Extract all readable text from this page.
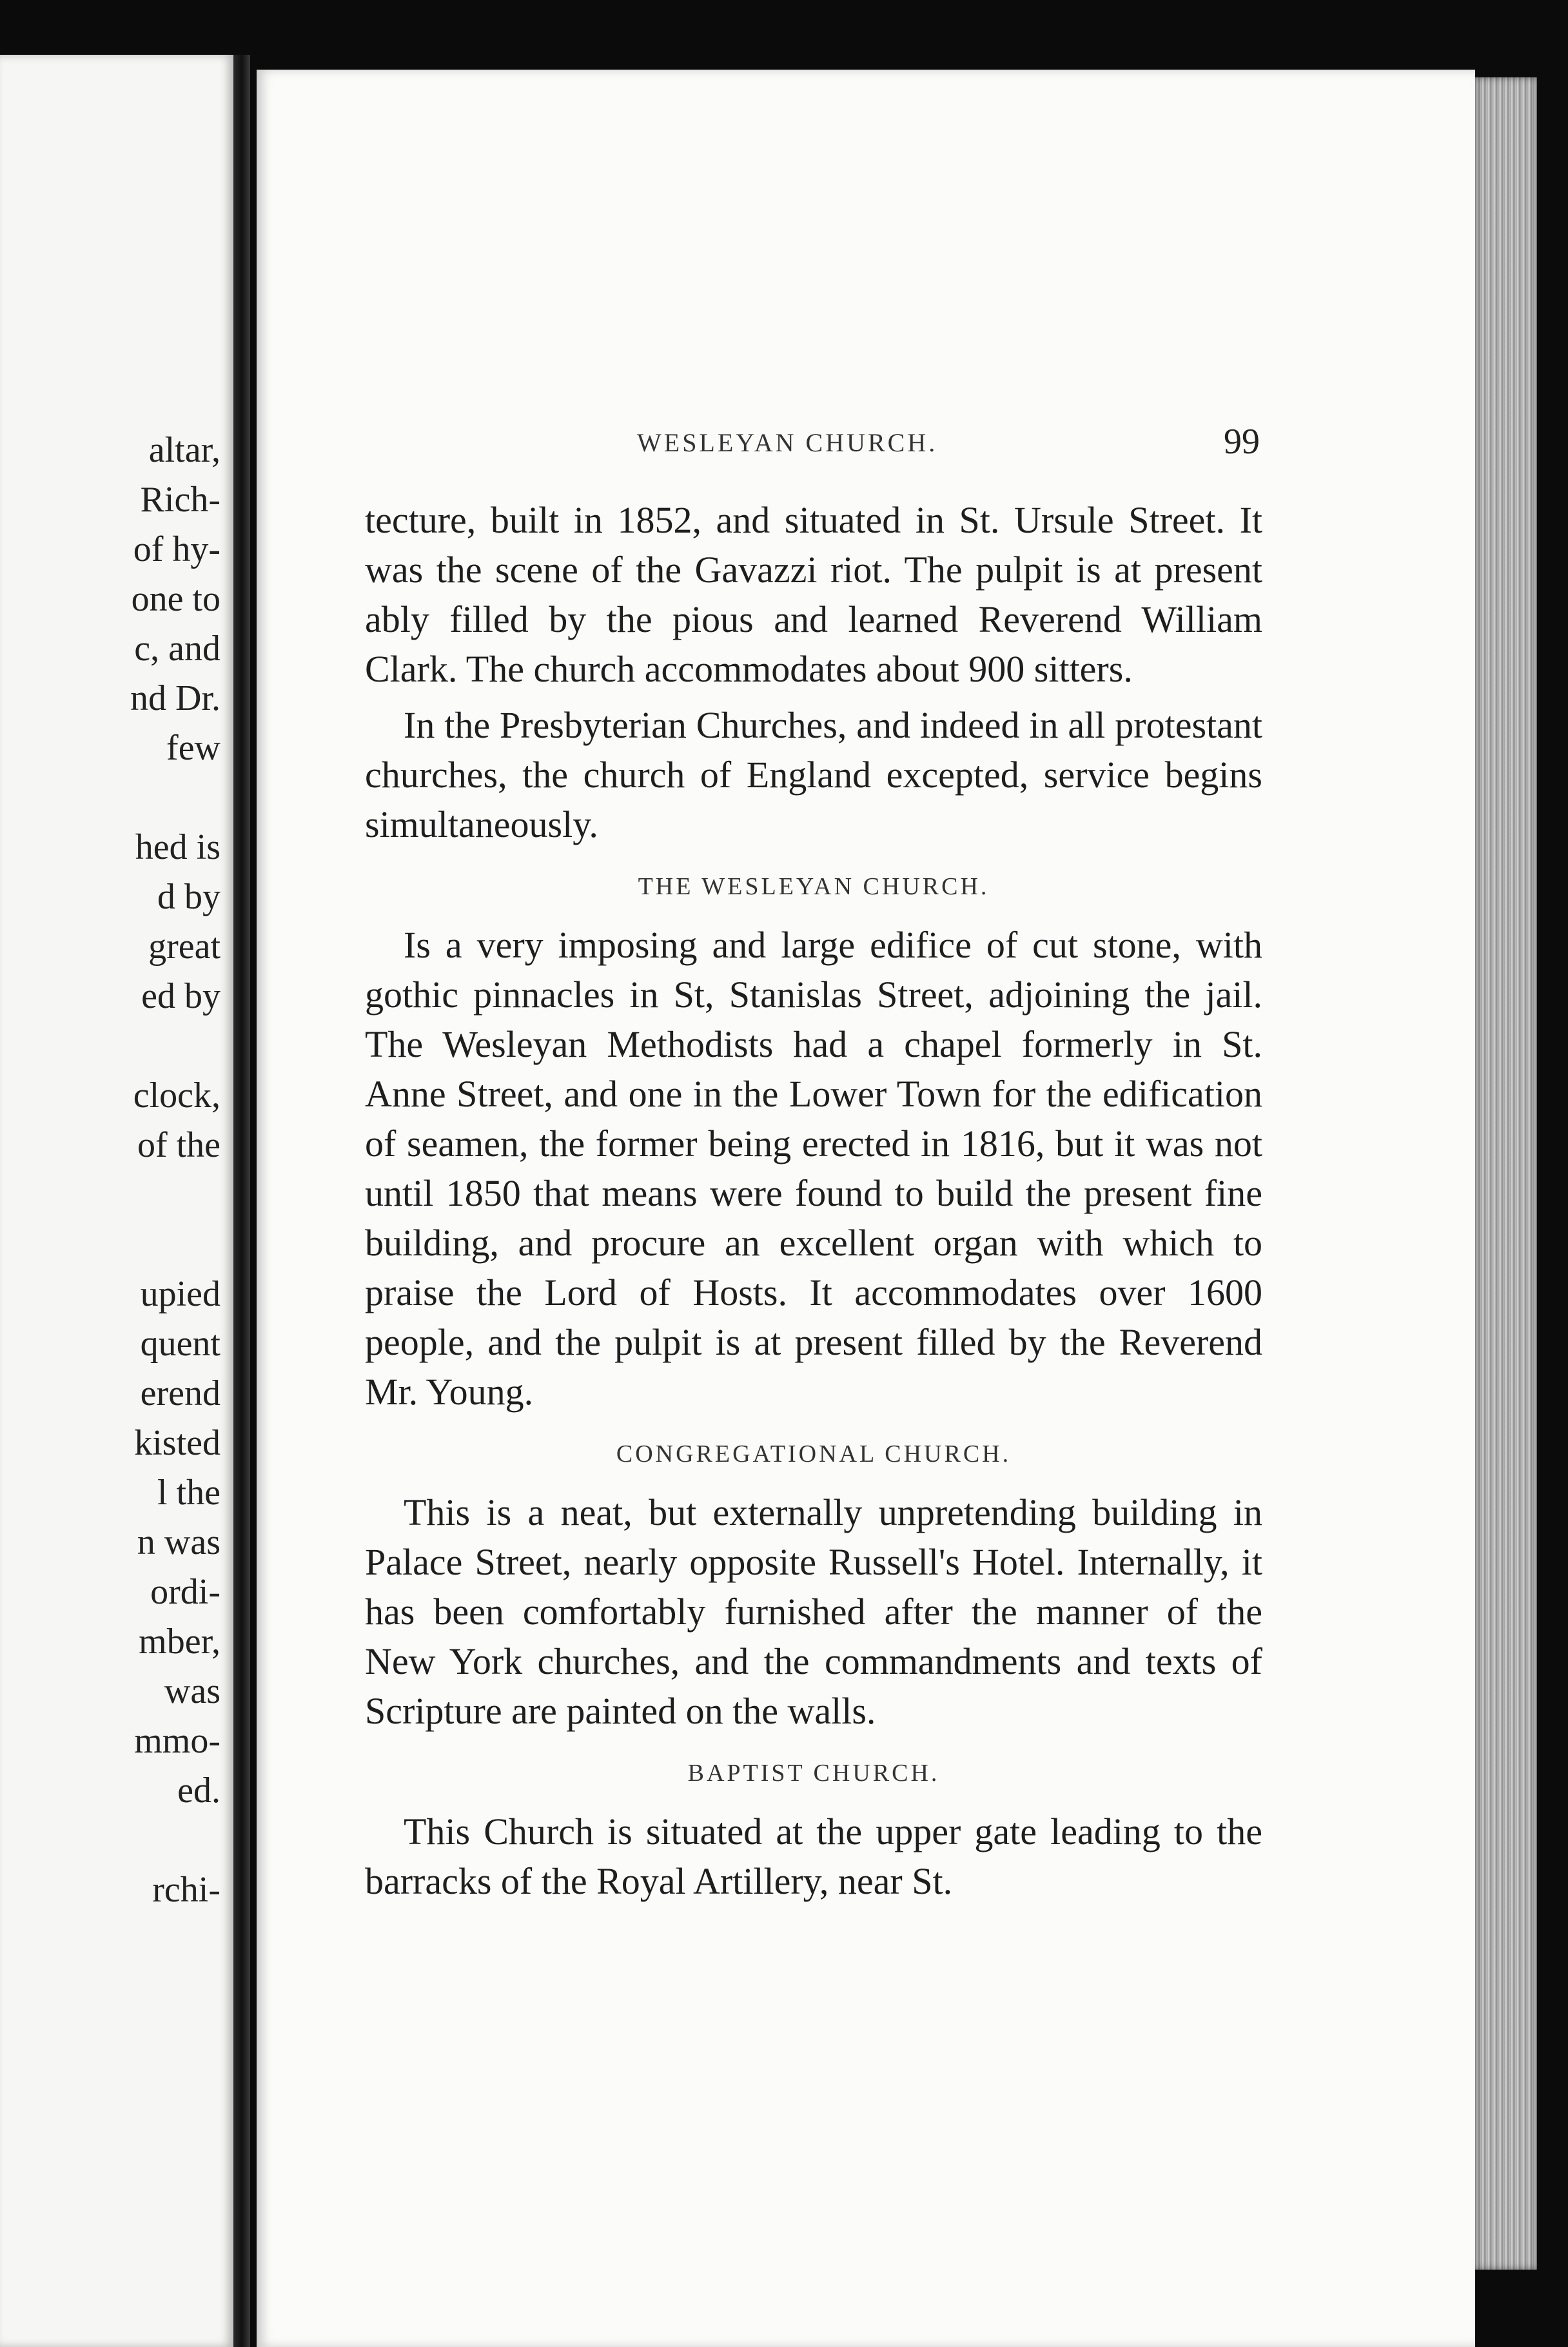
altar,
Rich-
of hy-
one to
c, and
nd Dr.
few

hed is
d by
great
ed by

clock,
of the

upied
quent
erend
kisted
l the
n was
ordi-
mber,
was
mmo-
ed.

rchi-
WESLEYAN CHURCH.	99

tecture, built in 1852, and situated in St. Ursule Street. It was the scene of the Gavazzi riot. The pulpit is at present ably filled by the pious and learned Reverend William Clark. The church accommodates about 900 sitters.

In the Presbyterian Churches, and indeed in all protestant churches, the church of England excepted, service begins simultaneously.

THE WESLEYAN CHURCH.

Is a very imposing and large edifice of cut stone, with gothic pinnacles in St, Stanislas Street, adjoining the jail. The Wesleyan Methodists had a chapel formerly in St. Anne Street, and one in the Lower Town for the edification of seamen, the former being erected in 1816, but it was not until 1850 that means were found to build the present fine building, and procure an excellent organ with which to praise the Lord of Hosts. It accommodates over 1600 people, and the pulpit is at present filled by the Reverend Mr. Young.

CONGREGATIONAL CHURCH.

This is a neat, but externally unpretending building in Palace Street, nearly opposite Russell's Hotel. Internally, it has been comfortably furnished after the manner of the New York churches, and the commandments and texts of Scripture are painted on the walls.

BAPTIST CHURCH.

This Church is situated at the upper gate leading to the barracks of the Royal Artillery, near St.
